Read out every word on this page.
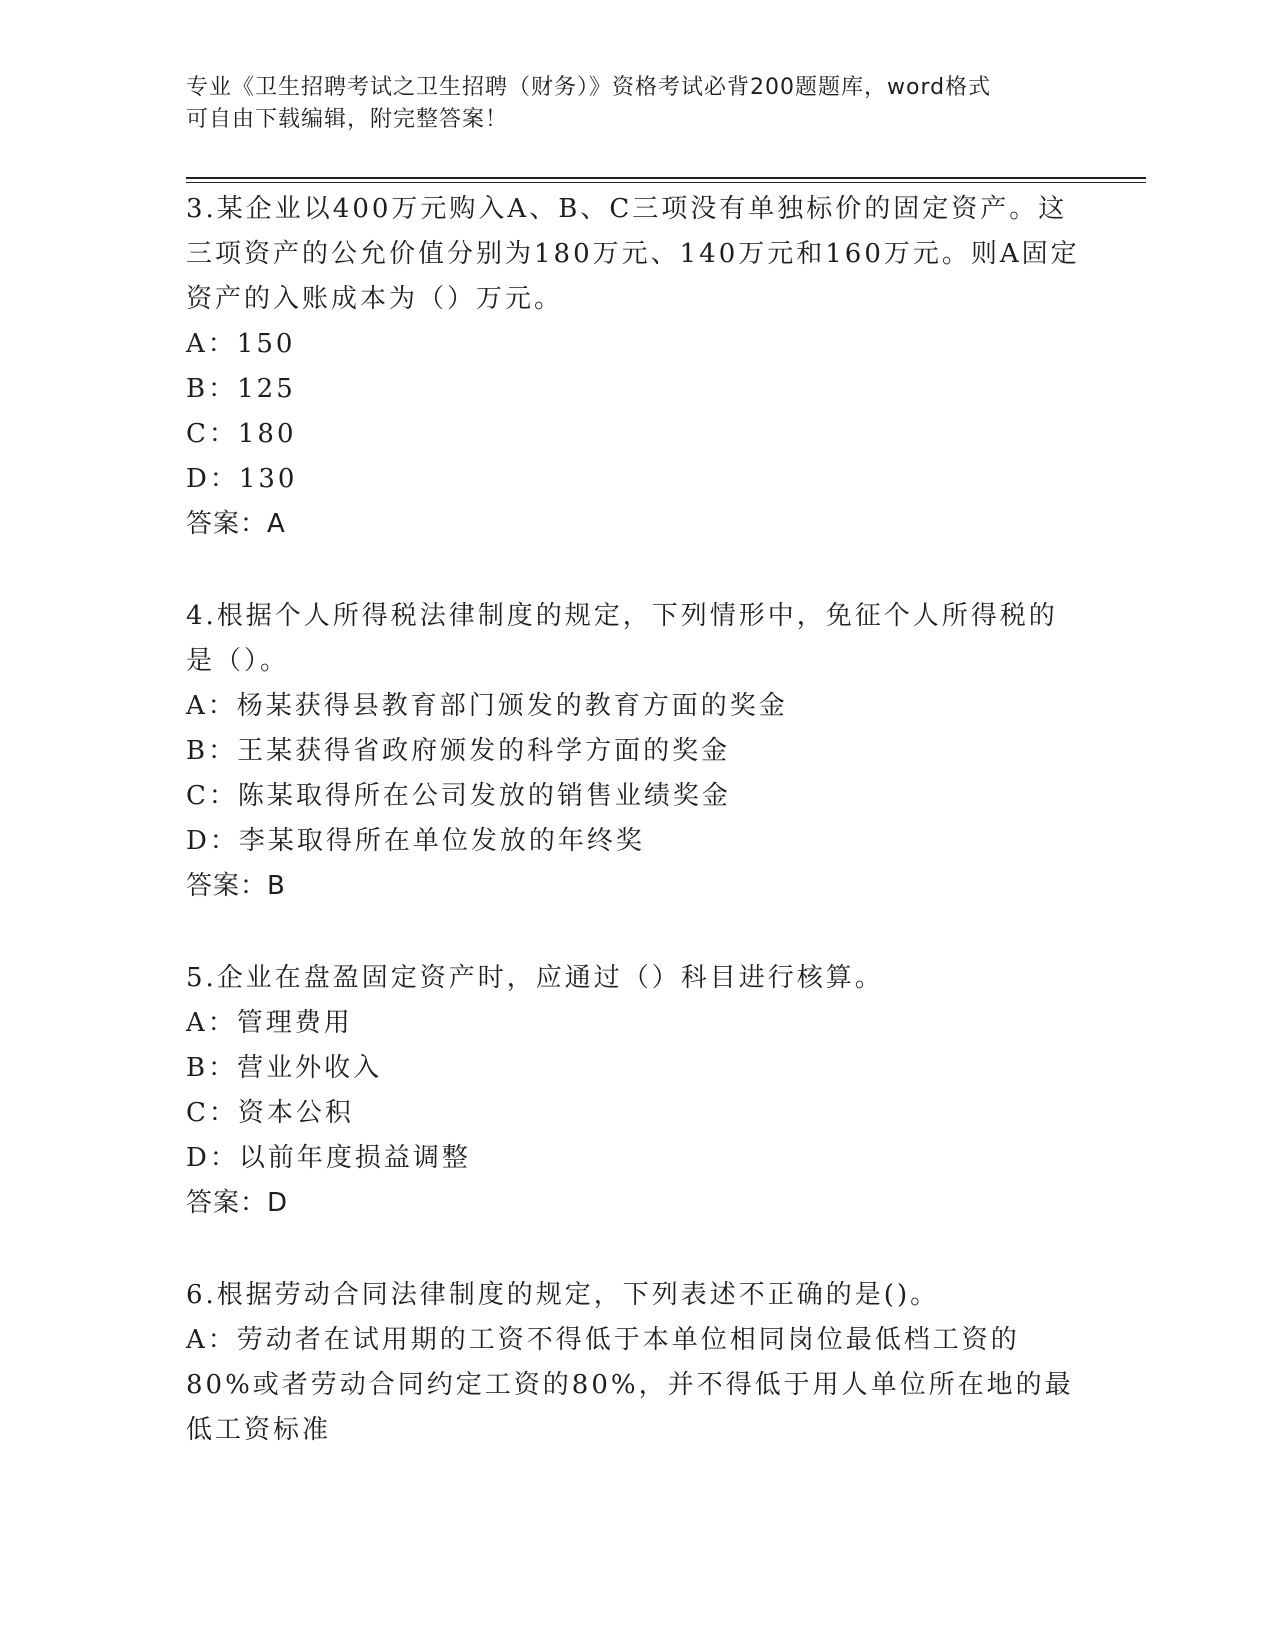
专业《卫生招聘考试之卫生招聘（财务）》资格考试必背200题题库，word格式
可自由下载编辑，附完整答案！

3.某企业以400万元购入A、B、C三项没有单独标价的固定资产。这三项资产的公允价值分别为180万元、140万元和160万元。则A固定资产的入账成本为（）万元。

A：150

B：125

C：180

D：130

答案：A

4.根据个人所得税法律制度的规定，下列情形中，免征个人所得税的是（）。

A：杨某获得县教育部门颁发的教育方面的奖金

B：王某获得省政府颁发的科学方面的奖金

C：陈某取得所在公司发放的销售业绩奖金

D：李某取得所在单位发放的年终奖

答案：B

5.企业在盘盈固定资产时，应通过（）科目进行核算。

A：管理费用

B：营业外收入

C：资本公积

D：以前年度损益调整

答案：D

6.根据劳动合同法律制度的规定，下列表述不正确的是()。

A：劳动者在试用期的工资不得低于本单位相同岗位最低档工资的80%或者劳动合同约定工资的80%，并不得低于用人单位所在地的最低工资标准
